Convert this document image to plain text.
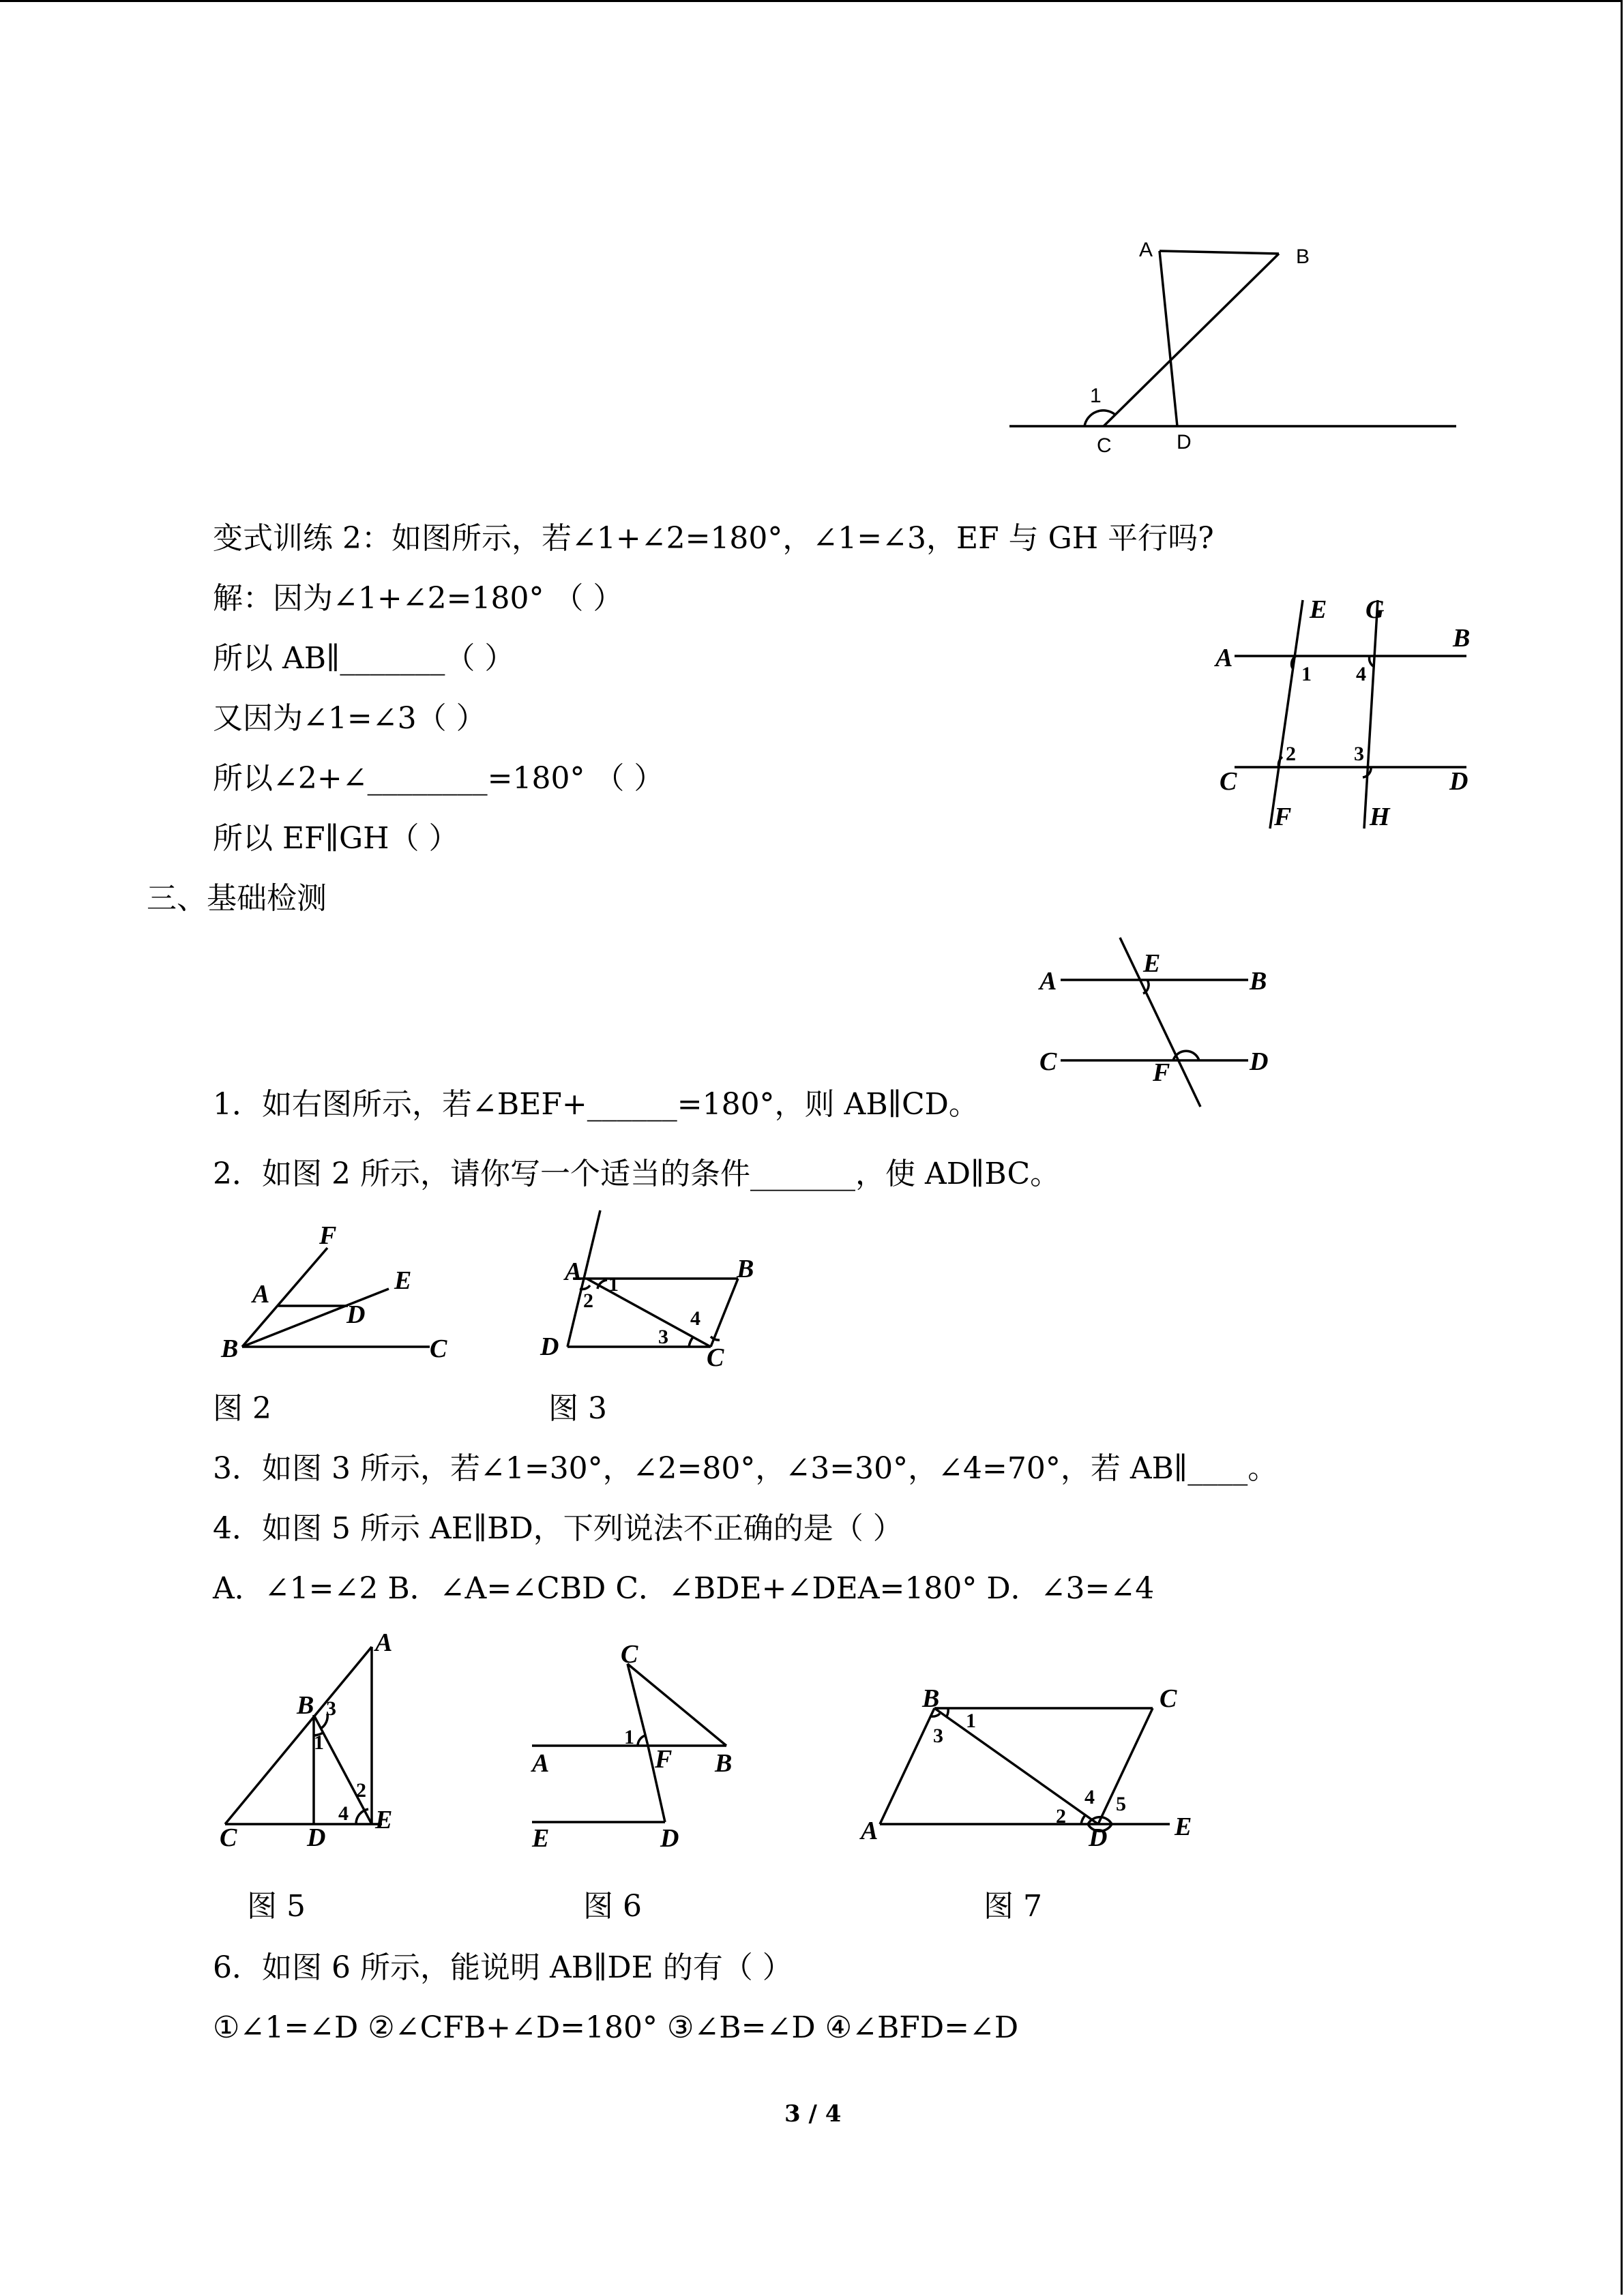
A	B
C	D
1
变式训练 2：如图所示，若∠1+∠2=180°，∠1=∠3，EF 与 GH 平行吗?
解：因为∠1+∠2=180° （ ）
所以 AB∥_______（ ）
又因为∠1=∠3（ ）
所以∠2+∠________=180° （ ）
所以 EF∥GH（ ）
A
B
C	D
E
F
G
H
1
2	3
4
三、基础检测
A	B
C	D
E
F
1．如右图所示，若∠BEF+______=180°，则 AB∥CD。
2．如图 2 所示，请你写一个适当的条件_______，使 AD∥BC。
B	C
A
D
E
F
A	B
C
D
1
2
3
4
图 2	图 3
3．如图 3 所示，若∠1=30°，∠2=80°，∠3=30°，∠4=70°，若 AB∥____。
4．如图 5 所示 AE∥BD，下列说法不正确的是（ ）
A．∠1=∠2 B．∠A=∠CBD C．∠BDE+∠DEA=180° D．∠3=∠4
C	D
E
A
B
1
2
3
4
C
A	B
F
E	D
1
B	C
A	D	E
1
2
3
4 5
图 5	图 6	图 7
6．如图 6 所示，能说明 AB∥DE 的有（ ）
①∠1=∠D ②∠CFB+∠D=180° ③∠B=∠D ④∠BFD=∠D
3 / 4
